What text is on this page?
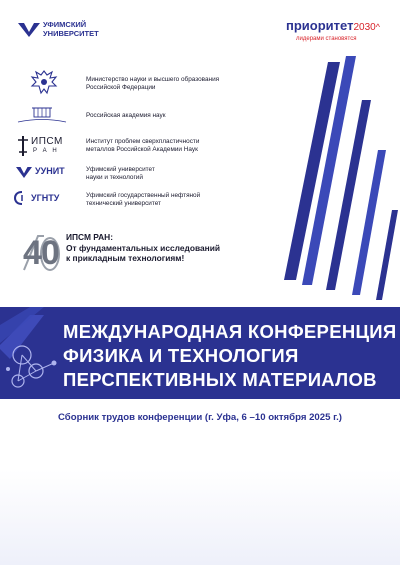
УФИМСКИЙ
УНИВЕРСИТЕТ
приоритет2030^
лидерами становятся
Министерство науки и высшего образования
Российской Федерации
Российская академия наук
ИПСМ
Р А Н
Институт проблем сверхпластичности
металлов Российской Академии Наук
УУНИТ	Уфимский университет
науки и технологий
УГНТУ	Уфимский государственный нефтяной
технический университет
40 ИПСМ РАН:
От фундаментальных исследований
к прикладным технологиям!
МЕЖДУНАРОДНАЯ КОНФЕРЕНЦИЯ
ФИЗИКА И ТЕХНОЛОГИЯ
ПЕРСПЕКТИВНЫХ МАТЕРИАЛОВ
Сборник трудов конференции (г. Уфа, 6 –10 октября 2025 г.)
